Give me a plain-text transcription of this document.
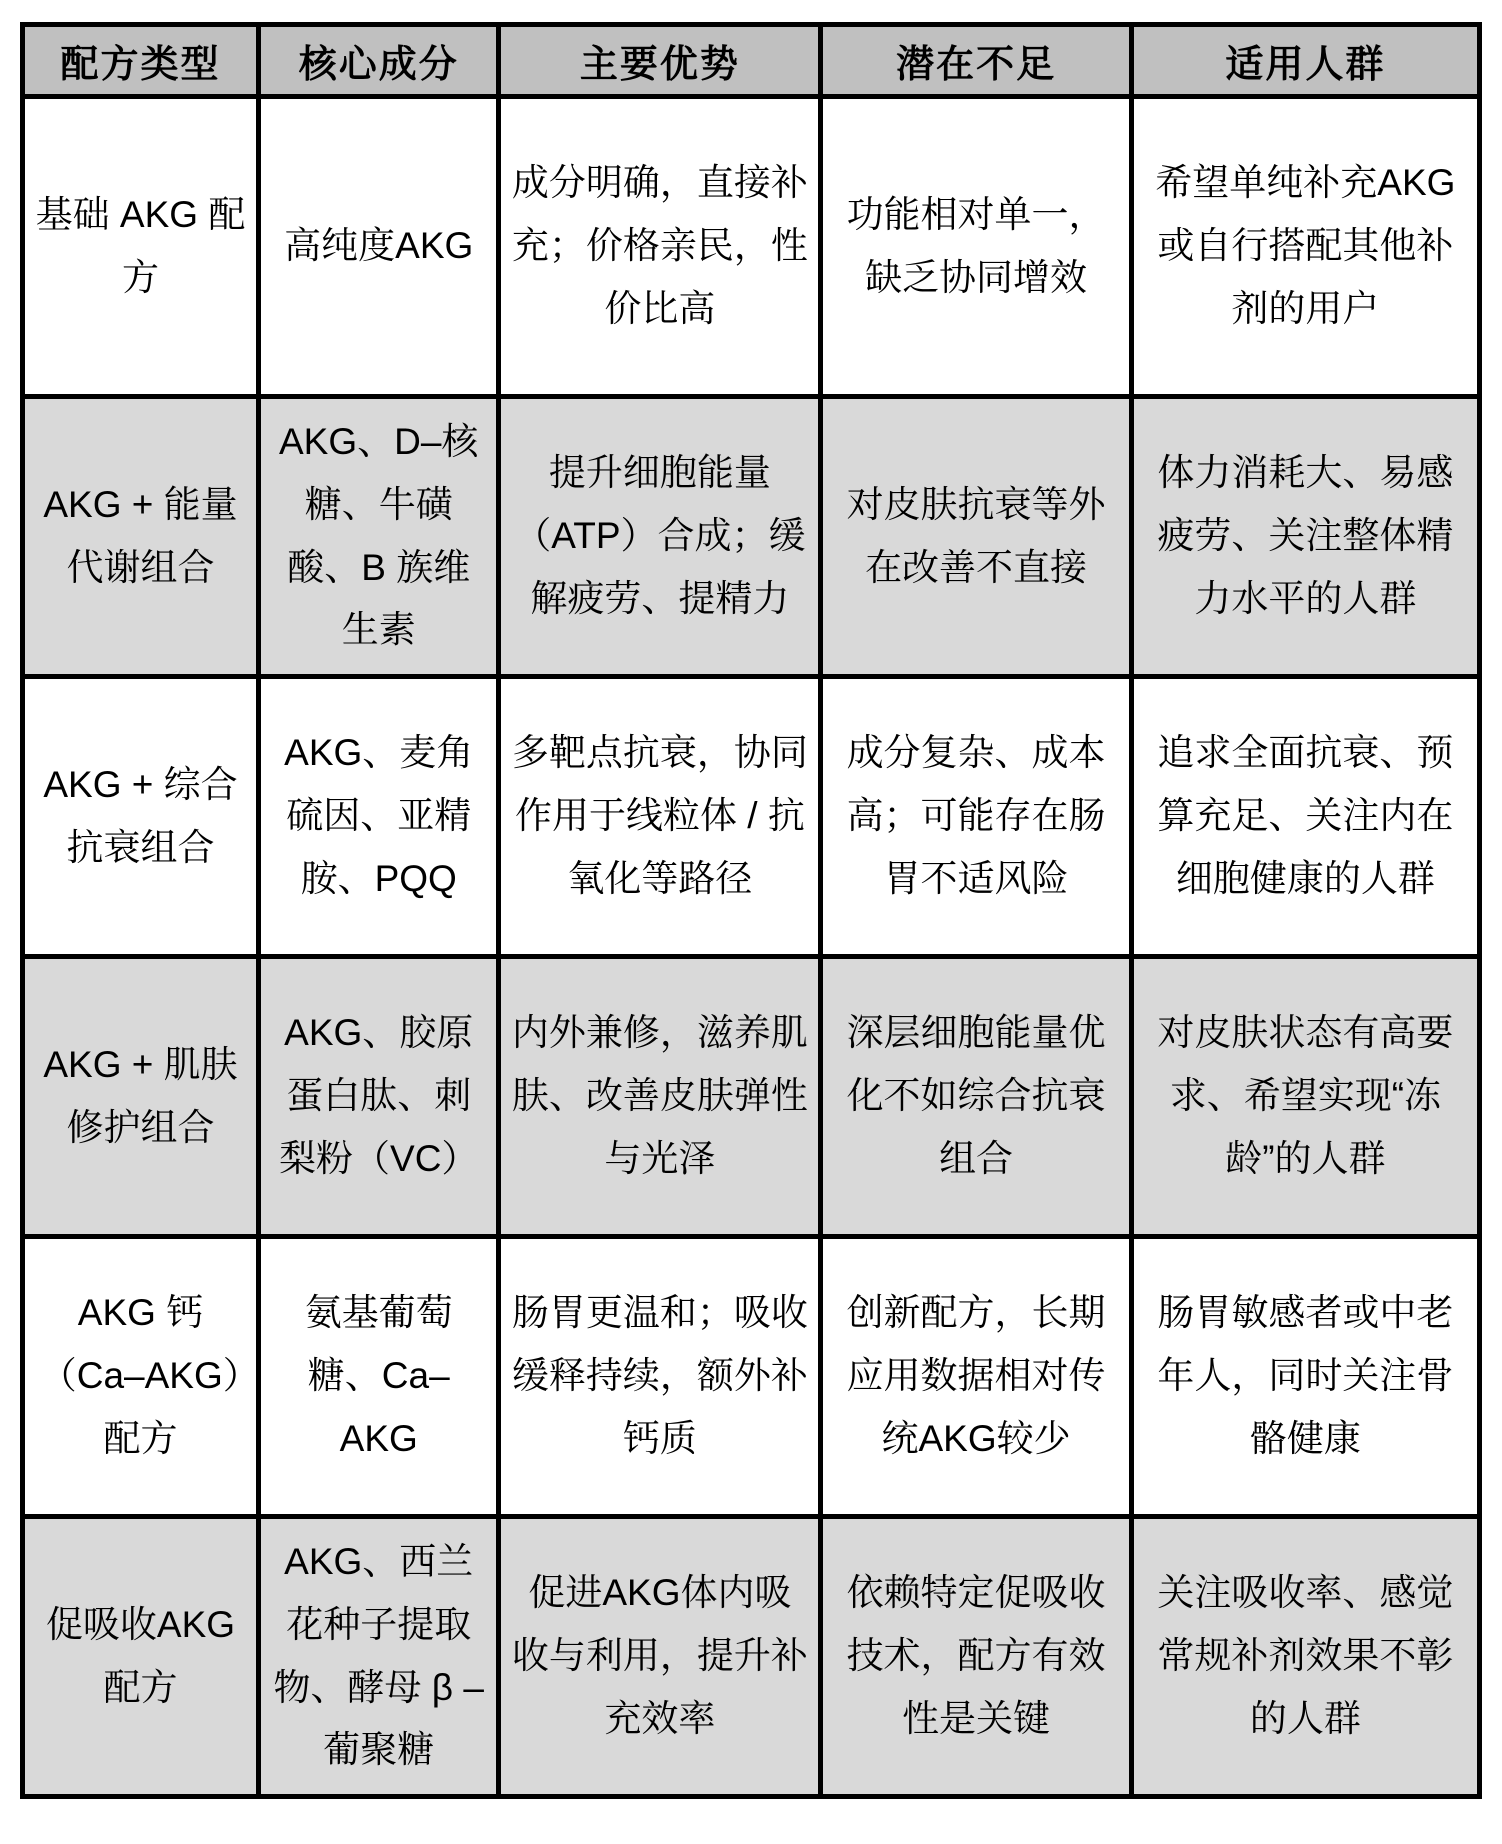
配方类型	核心成分	主要优势	潜在不足	适用人群
基础 AKG 配方	高纯度AKG	成分明确，直接补充；价格亲民，性价比高	功能相对单一，缺乏协同增效	希望单纯补充AKG或自行搭配其他补剂的用户
AKG + 能量代谢组合	AKG、D–核糖、牛磺酸、B 族维生素	提升细胞能量（ATP）合成；缓解疲劳、提精力	对皮肤抗衰等外在改善不直接	体力消耗大、易感疲劳、关注整体精力水平的人群
AKG + 综合抗衰组合	AKG、麦角硫因、亚精胺、PQQ	多靶点抗衰，协同作用于线粒体 / 抗氧化等路径	成分复杂、成本高；可能存在肠胃不适风险	追求全面抗衰、预算充足、关注内在细胞健康的人群
AKG + 肌肤修护组合	AKG、胶原蛋白肽、刺梨粉（VC）	内外兼修，滋养肌肤、改善皮肤弹性与光泽	深层细胞能量优化不如综合抗衰组合	对皮肤状态有高要求、希望实现“冻龄”的人群
AKG 钙（Ca–AKG）配方	氨基葡萄糖、Ca–AKG	肠胃更温和；吸收缓释持续，额外补钙质	创新配方，长期应用数据相对传统AKG较少	肠胃敏感者或中老年人，同时关注骨骼健康
促吸收AKG配方	AKG、西兰花种子提取物、酵母 β – 葡聚糖	促进AKG体内吸收与利用，提升补充效率	依赖特定促吸收技术，配方有效性是关键	关注吸收率、感觉常规补剂效果不彰的人群
